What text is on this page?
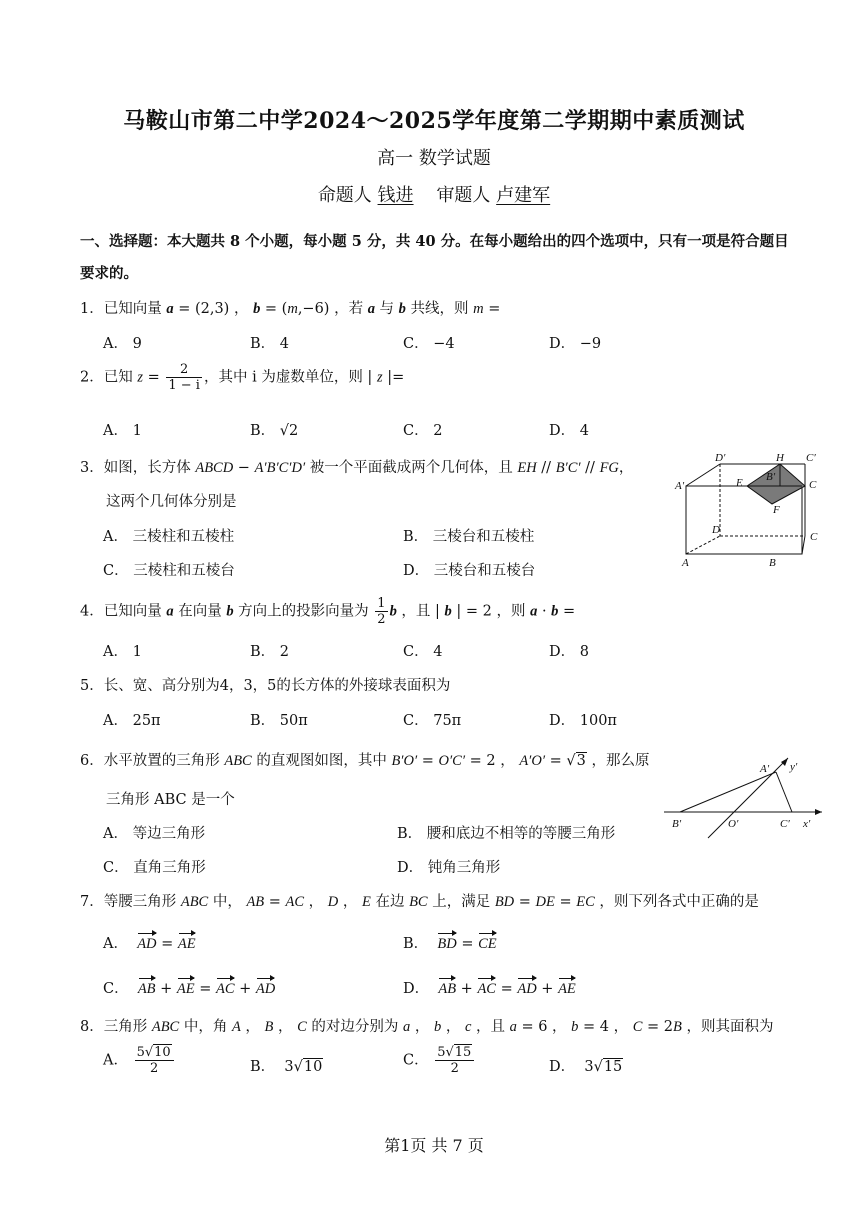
马鞍山市第二中学2024～2025学年度第二学期期中素质测试
高一 数学试题
命题人 钱进 审题人 卢建军
一、选择题：本大题共 8 个小题，每小题 5 分，共 40 分。在每小题给出的四个选项中，只有一项是符合题目要求的。
1．已知向量 a = (2,3) ， b = (m,−6) ，若 a 与 b 共线，则 m =
A． 9	B． 4	C． −4	D． −9
2．已知 $z = \frac{2}{1 - i}$ ，其中 i 为虚数单位，则 | z |=
A． 1	B． √2	C． 2	D． 4
3．如图，长方体 ABCD − A′B′C′D′ 被一个平面截成两个几何体，且 EH // B′C′ // FG，
这两个几何体分别是
A． 三棱柱和五棱柱	B． 三棱台和五棱柱
C． 三棱柱和五棱台	D． 三棱台和五棱台
D′	H C′
A′	E B′
C
F
D
C
A	B
4．已知向量 a 在向量 b 方向上的投影向量为 $\frac{1}{2}$ b ，且 | b | = 2 ，则 a · b =
A． 1	B． 2	C． 4	D． 8
5．长、宽、高分别为4，3，5的长方体的外接球表面积为
A． 25π	B． 50π	C． 75π	D． 100π
6．水平放置的三角形 ABC 的直观图如图，其中 B′O′ = O′C′ = 2 ， A′O′ = √3 ，那么原
三角形 ABC 是一个
A． 等边三角形	B． 腰和底边不相等的等腰三角形
C． 直角三角形	D． 钝角三角形
A′ y′
B′	O′	C′ x′
7．等腰三角形 ABC 中， AB = AC ， D ， E 在边 BC 上，满足 BD = DE = EC ，则下列各式中正确的是
A． AD = AE	B． BD = CE
C． AB + AE = AC + AD	D． AB + AC = AD + AE
8．三角形 ABC 中，角 A ， B ， C 的对边分别为 a ， b ， c ，且 a = 6 ， b = 4 ， C = 2B ，则其面积为
A． $\frac{5√10}{2}$	B．  3√10	C． $\frac{5√15}{2}$	D．  3√15
第1页 共 7 页
